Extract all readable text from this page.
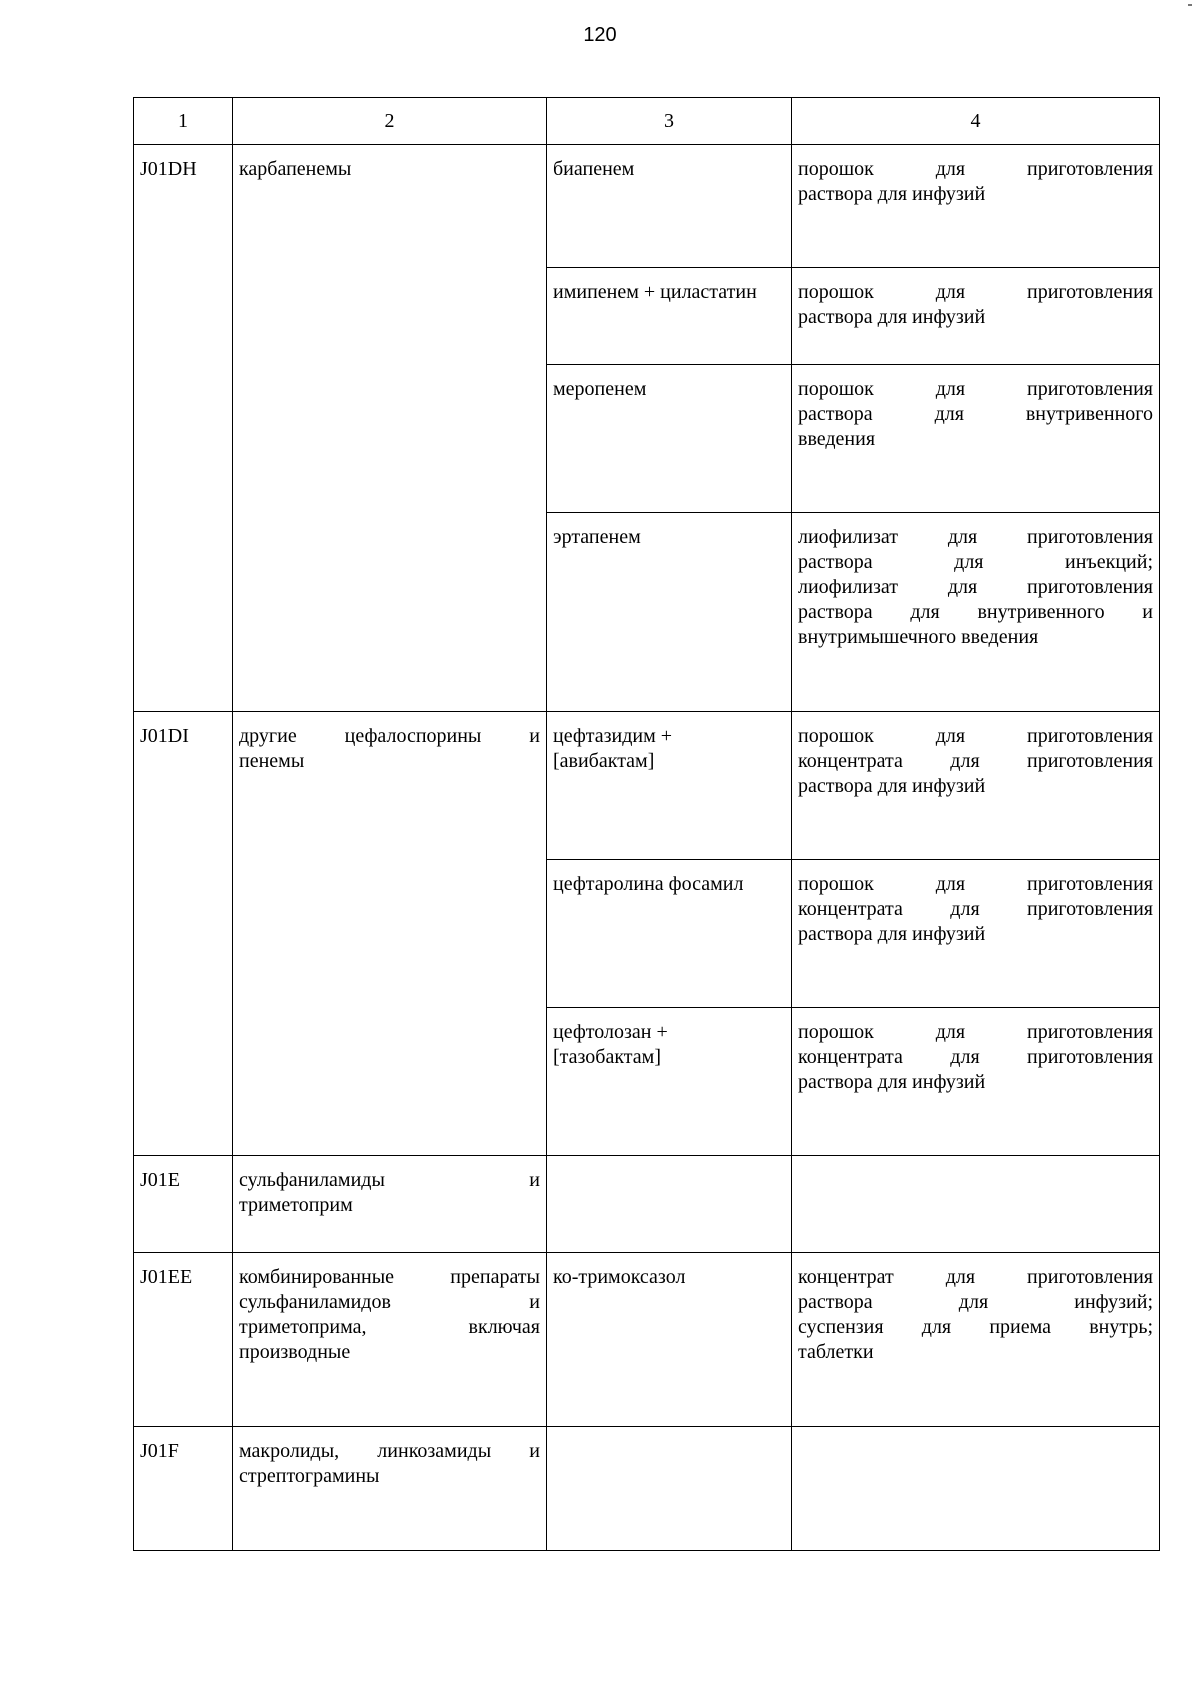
120
1	2	3	4
J01DH	карбапенемы	биапенем	порошок для приготовления
раствора для инфузий

		имипенем + циластатин	порошок для приготовления
раствора для инфузий

		меропенем	порошок для приготовления
раствора для внутривенного
введения

		эртапенем	лиофилизат для приготовления
раствора для инъекций;
лиофилизат для приготовления
раствора для внутривенного и
внутримышечного введения

J01DI	другие цефалоспорины и
пенемы	цефтазидим +
[авибактам]	порошок для приготовления
концентрата для приготовления
раствора для инфузий

		цефтаролина фосамил	порошок для приготовления
концентрата для приготовления
раствора для инфузий

		цефтолозан +
[тазобактам]	порошок для приготовления
концентрата для приготовления
раствора для инфузий

J01E	сульфаниламиды и
триметоприм		

J01EE	комбинированные препараты
сульфаниламидов и
триметоприма, включая
производные	ко-тримоксазол	концентрат для приготовления
раствора для инфузий;
суспензия для приема внутрь;
таблетки

J01F	макролиды, линкозамиды и
стрептограмины		
